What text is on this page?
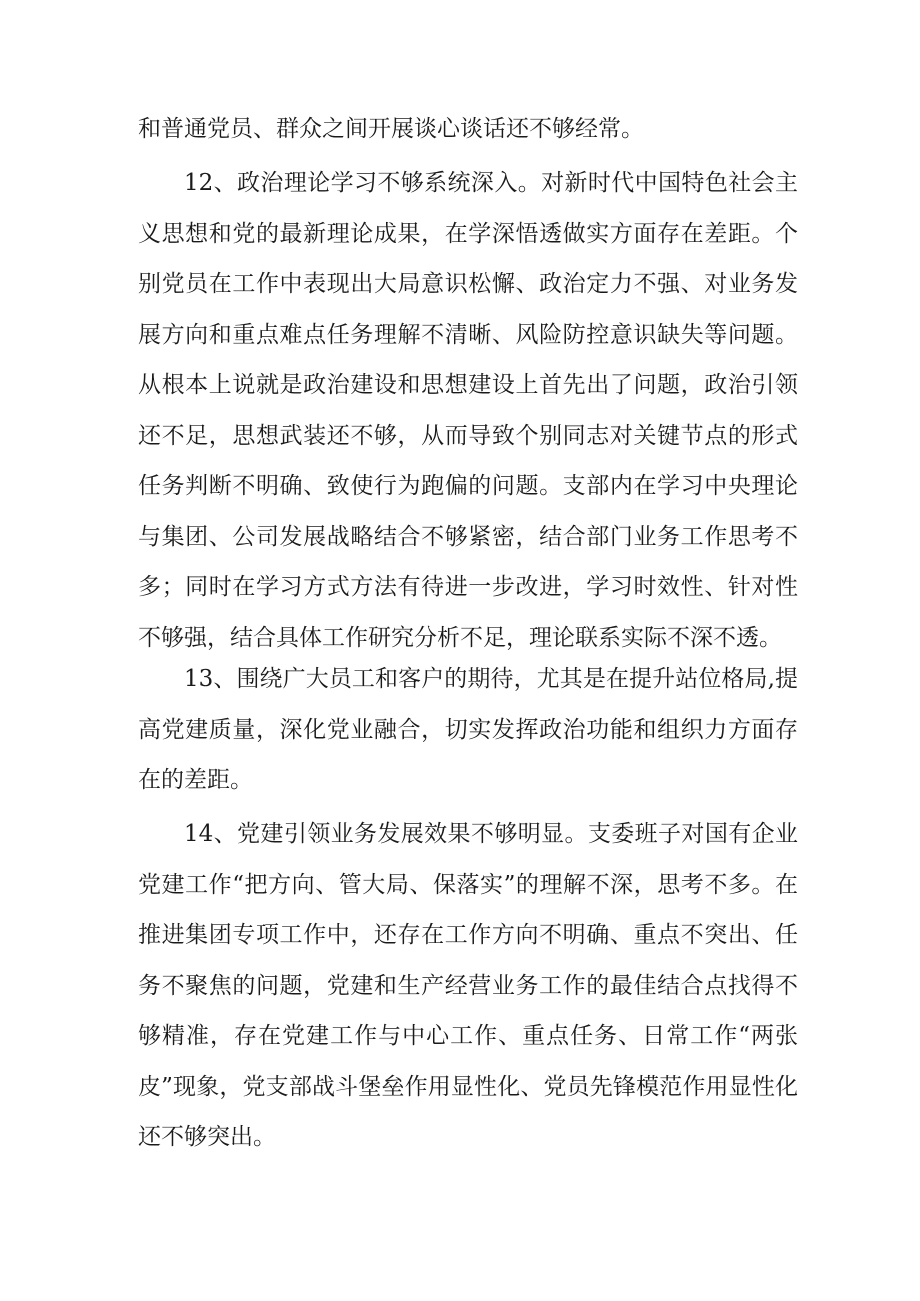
和普通党员、群众之间开展谈心谈话还不够经常。

12、政治理论学习不够系统深入。对新时代中国特色社会主义思想和党的最新理论成果，在学深悟透做实方面存在差距。个别党员在工作中表现出大局意识松懈、政治定力不强、对业务发展方向和重点难点任务理解不清晰、风险防控意识缺失等问题。从根本上说就是政治建设和思想建设上首先出了问题，政治引领还不足，思想武装还不够，从而导致个别同志对关键节点的形式任务判断不明确、致使行为跑偏的问题。支部内在学习中央理论与集团、公司发展战略结合不够紧密，结合部门业务工作思考不多；同时在学习方式方法有待进一步改进，学习时效性、针对性不够强，结合具体工作研究分析不足，理论联系实际不深不透。

13、围绕广大员工和客户的期待，尤其是在提升站位格局,提高党建质量，深化党业融合，切实发挥政治功能和组织力方面存在的差距。

14、党建引领业务发展效果不够明显。支委班子对国有企业党建工作“把方向、管大局、保落实”的理解不深，思考不多。在推进集团专项工作中，还存在工作方向不明确、重点不突出、任务不聚焦的问题，党建和生产经营业务工作的最佳结合点找得不够精准，存在党建工作与中心工作、重点任务、日常工作“两张皮”现象，党支部战斗堡垒作用显性化、党员先锋模范作用显性化还不够突出。
